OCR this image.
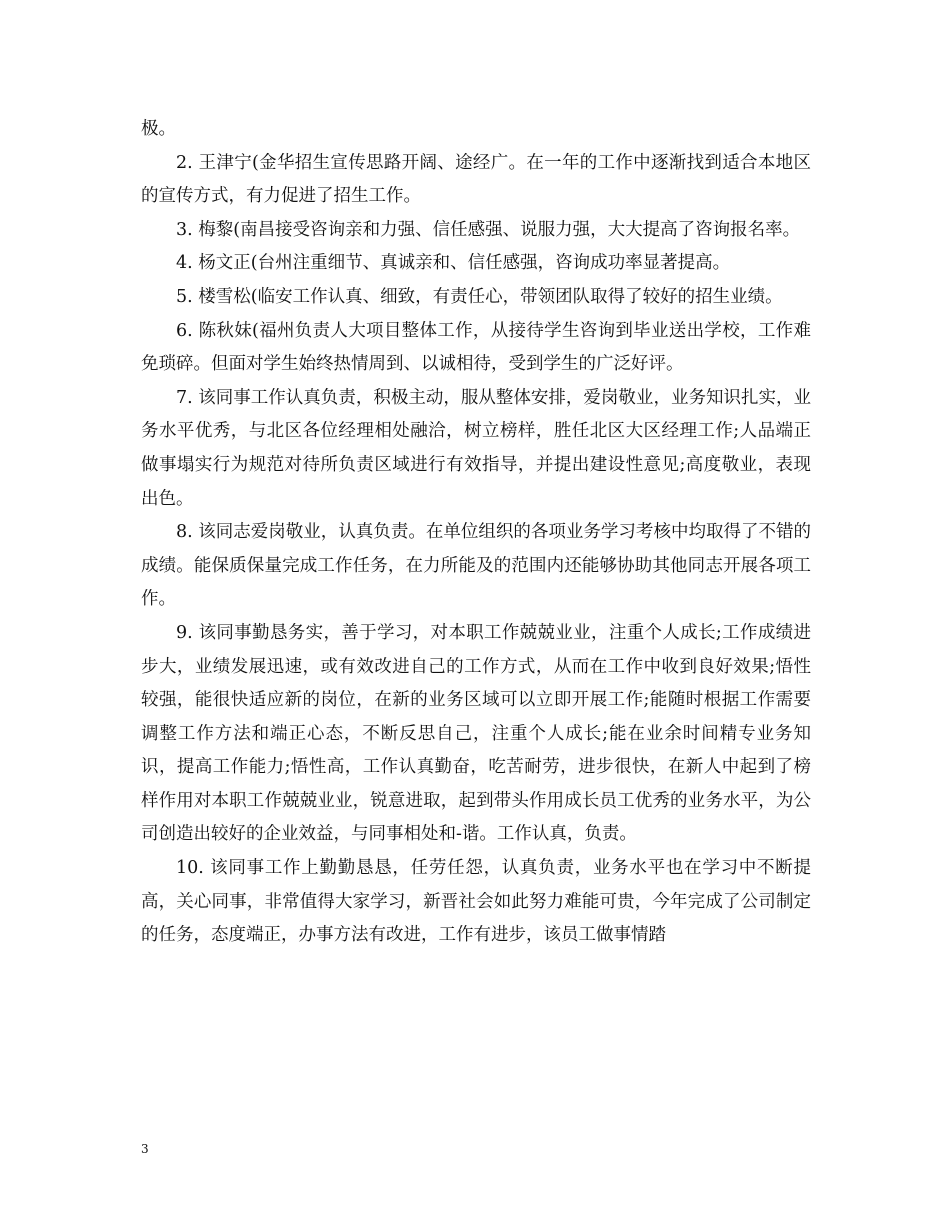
极。

2. 王津宁(金华招生宣传思路开阔、途经广。在一年的工作中逐渐找到适合本地区的宣传方式，有力促进了招生工作。

3. 梅黎(南昌接受咨询亲和力强、信任感强、说服力强，大大提高了咨询报名率。

4. 杨文正(台州注重细节、真诚亲和、信任感强，咨询成功率显著提高。

5. 楼雪松(临安工作认真、细致，有责任心，带领团队取得了较好的招生业绩。

6. 陈秋妹(福州负责人大项目整体工作，从接待学生咨询到毕业送出学校，工作难免琐碎。但面对学生始终热情周到、以诚相待，受到学生的广泛好评。

7. 该同事工作认真负责，积极主动，服从整体安排，爱岗敬业，业务知识扎实，业务水平优秀，与北区各位经理相处融洽，树立榜样，胜任北区大区经理工作;人品端正做事塌实行为规范对待所负责区域进行有效指导，并提出建设性意见;高度敬业，表现出色。

8. 该同志爱岗敬业，认真负责。在单位组织的各项业务学习考核中均取得了不错的成绩。能保质保量完成工作任务，在力所能及的范围内还能够协助其他同志开展各项工作。

9. 该同事勤恳务实，善于学习，对本职工作兢兢业业，注重个人成长;工作成绩进步大，业绩发展迅速，或有效改进自己的工作方式，从而在工作中收到良好效果;悟性较强，能很快适应新的岗位，在新的业务区域可以立即开展工作;能随时根据工作需要调整工作方法和端正心态，不断反思自己，注重个人成长;能在业余时间精专业务知识，提高工作能力;悟性高，工作认真勤奋，吃苦耐劳，进步很快，在新人中起到了榜样作用对本职工作兢兢业业，锐意进取，起到带头作用成长员工优秀的业务水平，为公司创造出较好的企业效益，与同事相处和-谐。工作认真，负责。

10. 该同事工作上勤勤恳恳，任劳任怨，认真负责，业务水平也在学习中不断提高，关心同事，非常值得大家学习，新晋社会如此努力难能可贵，今年完成了公司制定的任务，态度端正，办事方法有改进，工作有进步，该员工做事情踏

3
